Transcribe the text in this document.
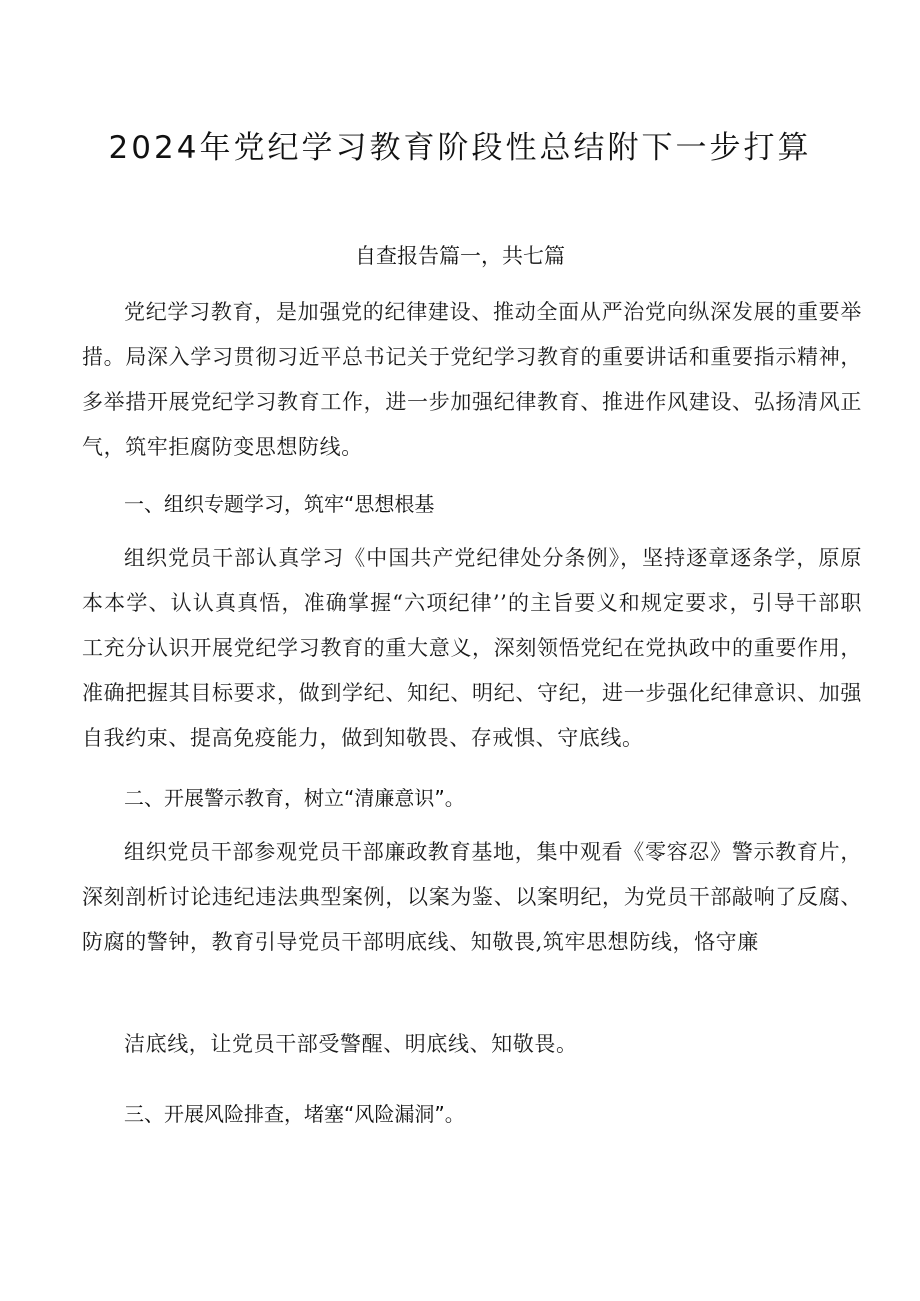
2024年党纪学习教育阶段性总结附下一步打算
自查报告篇一，共七篇

党纪学习教育，是加强党的纪律建设、推动全面从严治党向纵深发展的重要举措。局深入学习贯彻习近平总书记关于党纪学习教育的重要讲话和重要指示精神，多举措开展党纪学习教育工作，进一步加强纪律教育、推进作风建设、弘扬清风正气，筑牢拒腐防变思想防线。

一、组织专题学习，筑牢“思想根基

组织党员干部认真学习《中国共产党纪律处分条例》，坚持逐章逐条学，原原本本学、认认真真悟，准确掌握“六项纪律’’的主旨要义和规定要求，引导干部职工充分认识开展党纪学习教育的重大意义，深刻领悟党纪在党执政中的重要作用，准确把握其目标要求，做到学纪、知纪、明纪、守纪，进一步强化纪律意识、加强自我约束、提高免疫能力，做到知敬畏、存戒惧、守底线。

二、开展警示教育，树立“清廉意识”。

组织党员干部参观党员干部廉政教育基地，集中观看《零容忍》警示教育片，深刻剖析讨论违纪违法典型案例，以案为鉴、以案明纪，为党员干部敲响了反腐、防腐的警钟，教育引导党员干部明底线、知敬畏,筑牢思想防线，恪守廉

洁底线，让党员干部受警醒、明底线、知敬畏。

三、开展风险排查，堵塞“风险漏洞”。
